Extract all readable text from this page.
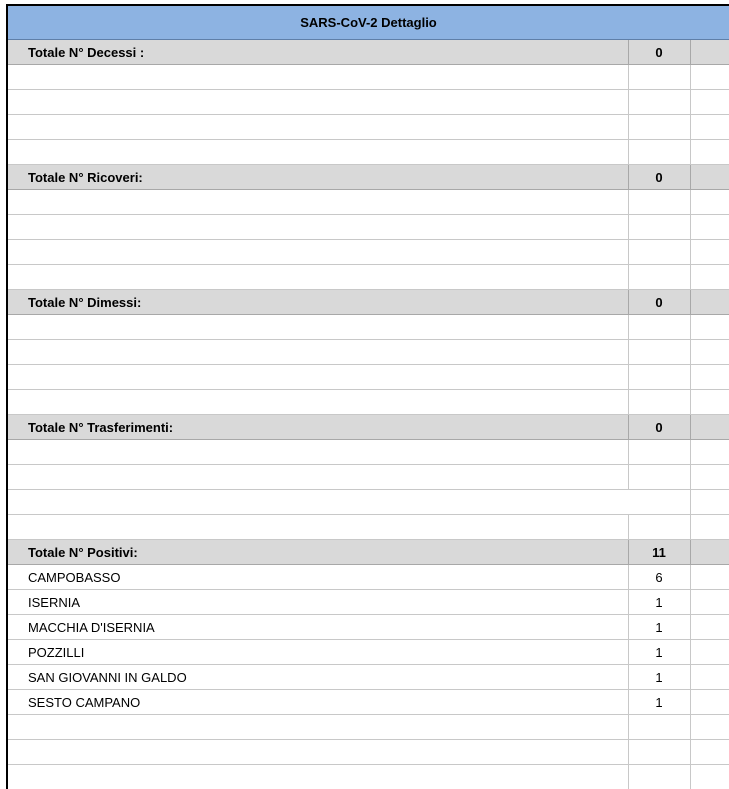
SARS-CoV-2 Dettaglio
Totale N° Decessi :	0
Totale N° Ricoveri:	0
Totale N° Dimessi:	0
Totale N° Trasferimenti:	0
Totale N° Positivi:	11
CAMPOBASSO	6
ISERNIA	1
MACCHIA D'ISERNIA	1
POZZILLI	1
SAN GIOVANNI IN GALDO	1
SESTO CAMPANO	1
